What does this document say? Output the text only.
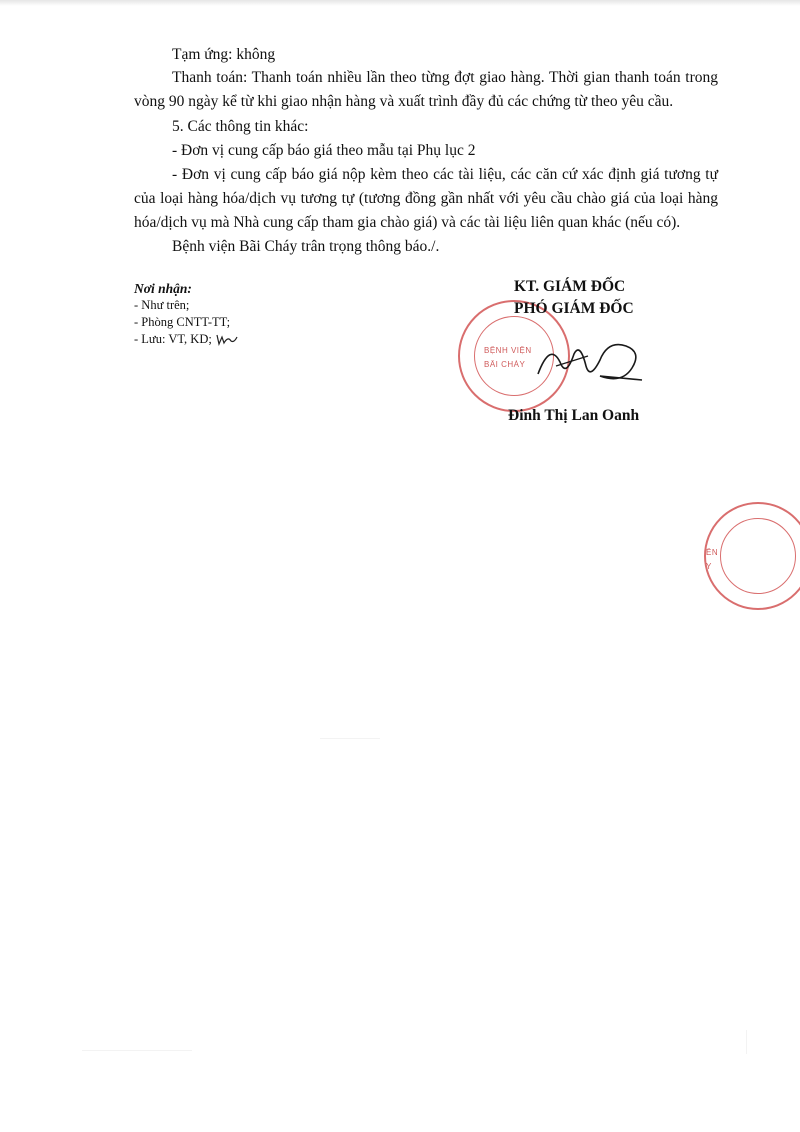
Tạm ứng: không
Thanh toán: Thanh toán nhiều lần theo từng đợt giao hàng. Thời gian thanh toán trong
vòng 90 ngày kể từ khi giao nhận hàng và xuất trình đầy đủ các chứng từ theo yêu cầu.
5. Các thông tin khác:
- Đơn vị cung cấp báo giá theo mẫu tại Phụ lục 2
- Đơn vị cung cấp báo giá nộp kèm theo các tài liệu, các căn cứ xác định giá tương tự
của loại hàng hóa/dịch vụ tương tự (tương đồng gần nhất với yêu cầu chào giá của loại hàng
hóa/dịch vụ mà Nhà cung cấp tham gia chào giá) và các tài liệu liên quan khác (nếu có).
Bệnh viện Bãi Cháy trân trọng thông báo./.
Nơi nhận:
- Như trên;
- Phòng CNTT-TT;
- Lưu: VT, KD;
BỆNH VIỆN
BÃI CHÁY
KT. GIÁM ĐỐC
PHÓ GIÁM ĐỐC
Đinh Thị Lan Oanh
ÊN
Y
